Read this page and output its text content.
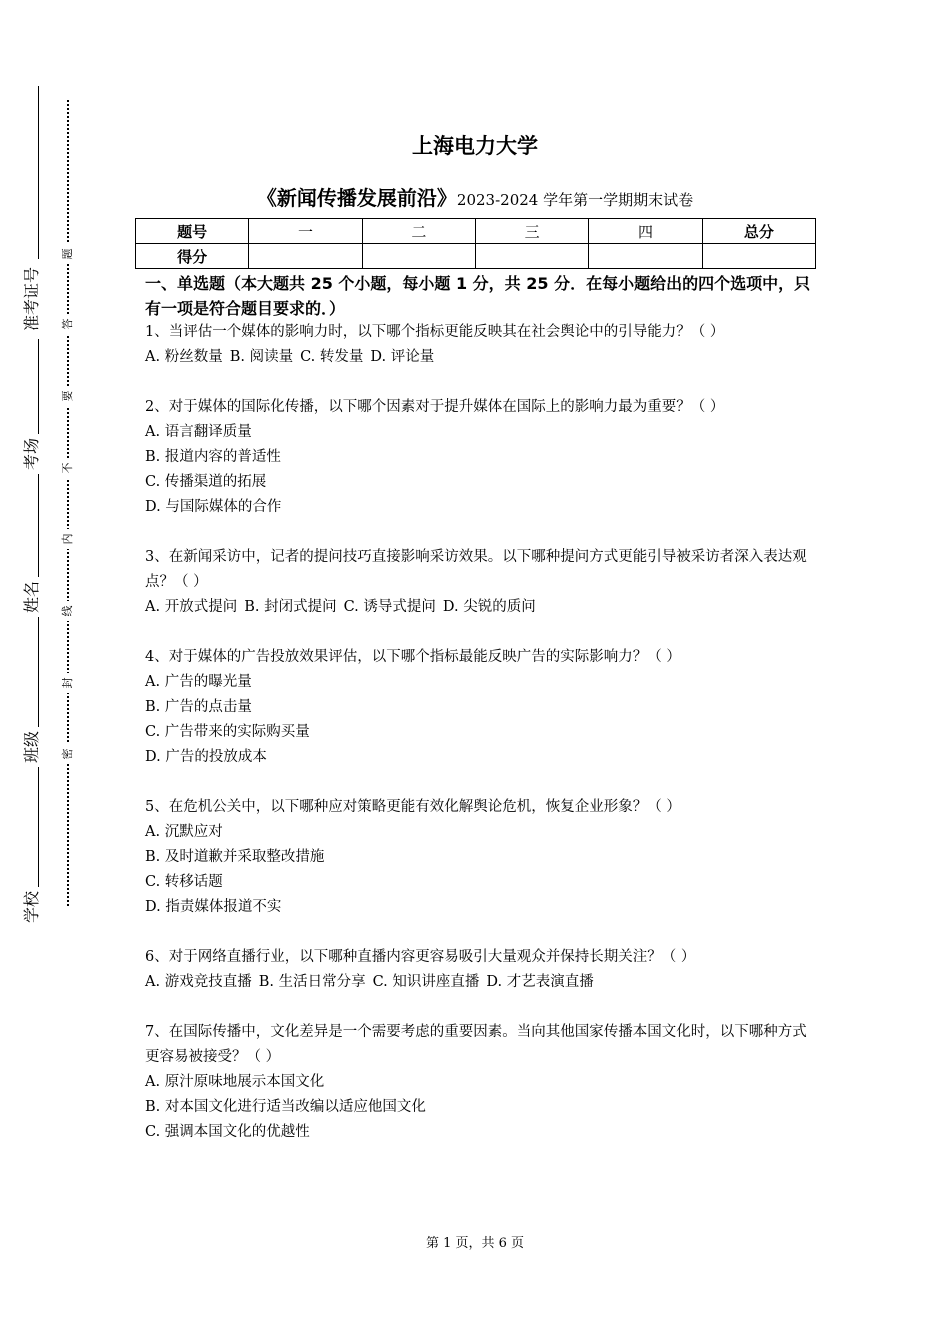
准考证号
考场
姓名
班级
学校
题
答
要
不
内
线
封
密
上海电力大学
《新闻传播发展前沿》2023-2024 学年第一学期期末试卷
题号	一	二	三	四	总分
得分					
一、单选题（本大题共 25 个小题，每小题 1 分，共 25 分．在每小题给出的四个选项中，只有一项是符合题目要求的．）
1、当评估一个媒体的影响力时，以下哪个指标更能反映其在社会舆论中的引导能力？（ ）
A. 粉丝数量 B. 阅读量 C. 转发量 D. 评论量
2、对于媒体的国际化传播，以下哪个因素对于提升媒体在国际上的影响力最为重要？（ ）
A. 语言翻译质量
B. 报道内容的普适性
C. 传播渠道的拓展
D. 与国际媒体的合作
3、在新闻采访中，记者的提问技巧直接影响采访效果。以下哪种提问方式更能引导被采访者深入表达观点？（ ）
A. 开放式提问 B. 封闭式提问 C. 诱导式提问 D. 尖锐的质问
4、对于媒体的广告投放效果评估，以下哪个指标最能反映广告的实际影响力？（ ）
A. 广告的曝光量
B. 广告的点击量
C. 广告带来的实际购买量
D. 广告的投放成本
5、在危机公关中，以下哪种应对策略更能有效化解舆论危机，恢复企业形象？（ ）
A. 沉默应对
B. 及时道歉并采取整改措施
C. 转移话题
D. 指责媒体报道不实
6、对于网络直播行业，以下哪种直播内容更容易吸引大量观众并保持长期关注？（ ）
A. 游戏竞技直播 B. 生活日常分享 C. 知识讲座直播 D. 才艺表演直播
7、在国际传播中，文化差异是一个需要考虑的重要因素。当向其他国家传播本国文化时，以下哪种方式更容易被接受？（ ）
A. 原汁原味地展示本国文化
B. 对本国文化进行适当改编以适应他国文化
C. 强调本国文化的优越性
第 1 页，共 6 页
